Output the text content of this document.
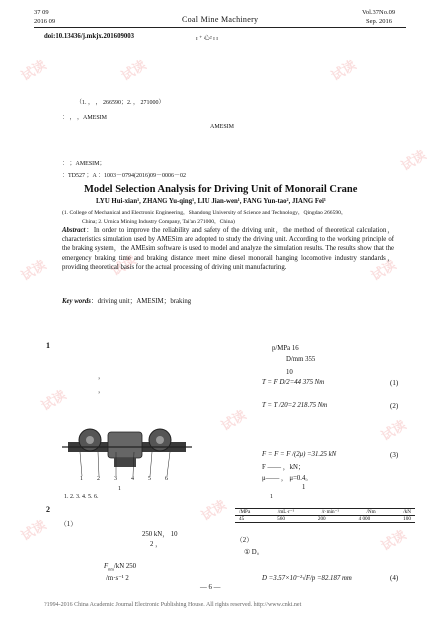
试读	试读	试读
试读
试读	试读	试读
试读
试读	试读
试读
试读
试读
37 09
2016 09	Coal Mine Machinery
Vol.37No.09
Sep. 2016
doi:10.13436/j.mkjx.201609003	ɪ ⁺ 心² ɪ ɪ
（1. ， ， 266590；2. ， 271000）
： ， ，AMESIM
AMESIM
： ；AMESIM；
：TD527 ；A ：1003－0794(2016)09－0006－02
Model Selection Analysis for Driving Unit of Monorail Crane
LYU Hui-xian¹, ZHANG Yu-qing¹, LIU Jian-wen¹, FANG Yun-tao², JIANG Fei¹
(1. College of Mechanical and Electronic Engineering，Shandong University of Science and Technology，Qingdao 266590，
China; 2. Urnica Mining Industry Company, Tai'an 271000，China)
Abstract：In order to improve the reliability and safety of the driving unit，the method of theoretical calculation，characteristics simulation used by AMESim are adopted to study the driving unit. According to the working principle of the braking system，the AMEsim software is used to model and analyze the simulation results. The results show that the emergency braking time and braking distance meet mine diesel monorail hanging locomotive industry standards，providing theoretical basis for the actual processing of driving unit manufacturing.
Key words：driving unit；AMESIM；braking
1
，
，
1 2 3 4 5 6
1
1. 2. 3. 4. 5. 6.
2
（1）
250 kN， 10
2 ，
$F_{nm}/kN$ 250
/m·s⁻¹ 2
p/MPa 16
D/mm 355
10
T = F D/2=44 375 Nm	(1)
T = T /20=2 218.75 Nm	(2)
F = F = F /(2μ) =31.25 kN	(3)
F —— ，kN；
μ—— ， μ=0.4。
1
1
/MPa	/mL·r⁻¹	/r·min⁻¹	/Nm	/kN
45	560	200	4 000	100
（2）
① D。
D =3.57×10⁻²√F/p =82.187 mm	(4)
— 6 —
?1994-2016 China Academic Journal Electronic Publishing House. All rights reserved. http://www.cnki.net
